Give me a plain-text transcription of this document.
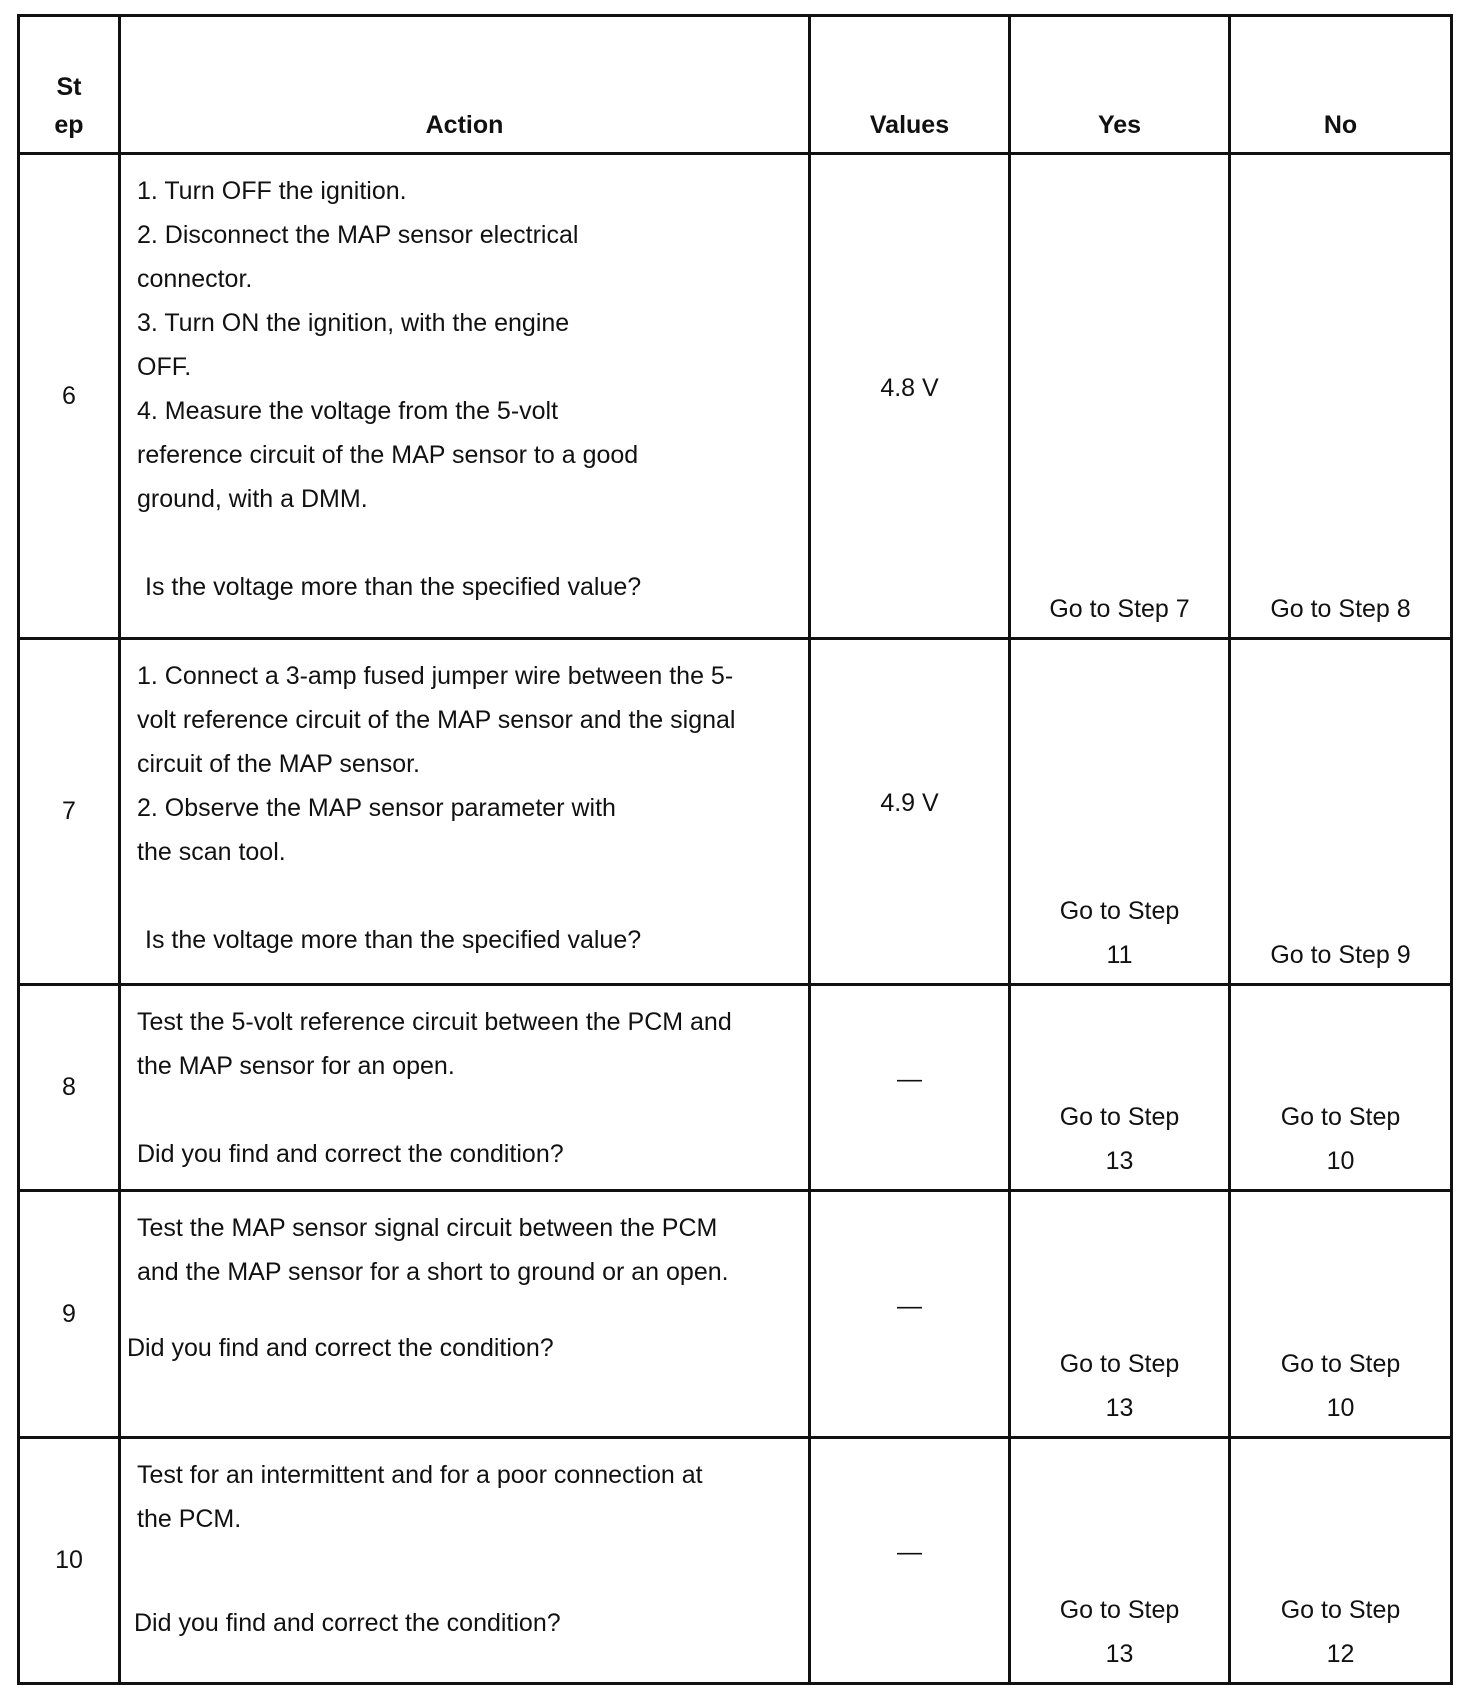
St ep	Action	Values	Yes	No
6	1. Turn OFF the ignition.
2. Disconnect the MAP sensor electrical connector.
3. Turn ON the ignition, with the engine OFF.
4. Measure the voltage from the 5-volt reference circuit of the MAP sensor to a good ground, with a DMM.
Is the voltage more than the specified value?	4.8 V	Go to Step 7	Go to Step 8
7	1. Connect a 3-amp fused jumper wire between the 5-volt reference circuit of the MAP sensor and the signal circuit of the MAP sensor.
2. Observe the MAP sensor parameter with the scan tool.
Is the voltage more than the specified value?	4.9 V	Go to Step 11	Go to Step 9
8	Test the 5-volt reference circuit between the PCM and the MAP sensor for an open.
Did you find and correct the condition?	—	Go to Step 13	Go to Step 10
9	Test the MAP sensor signal circuit between the PCM and the MAP sensor for a short to ground or an open.
Did you find and correct the condition?	—	Go to Step 13	Go to Step 10
10	Test for an intermittent and for a poor connection at the PCM.
Did you find and correct the condition?	—	Go to Step 13	Go to Step 12
